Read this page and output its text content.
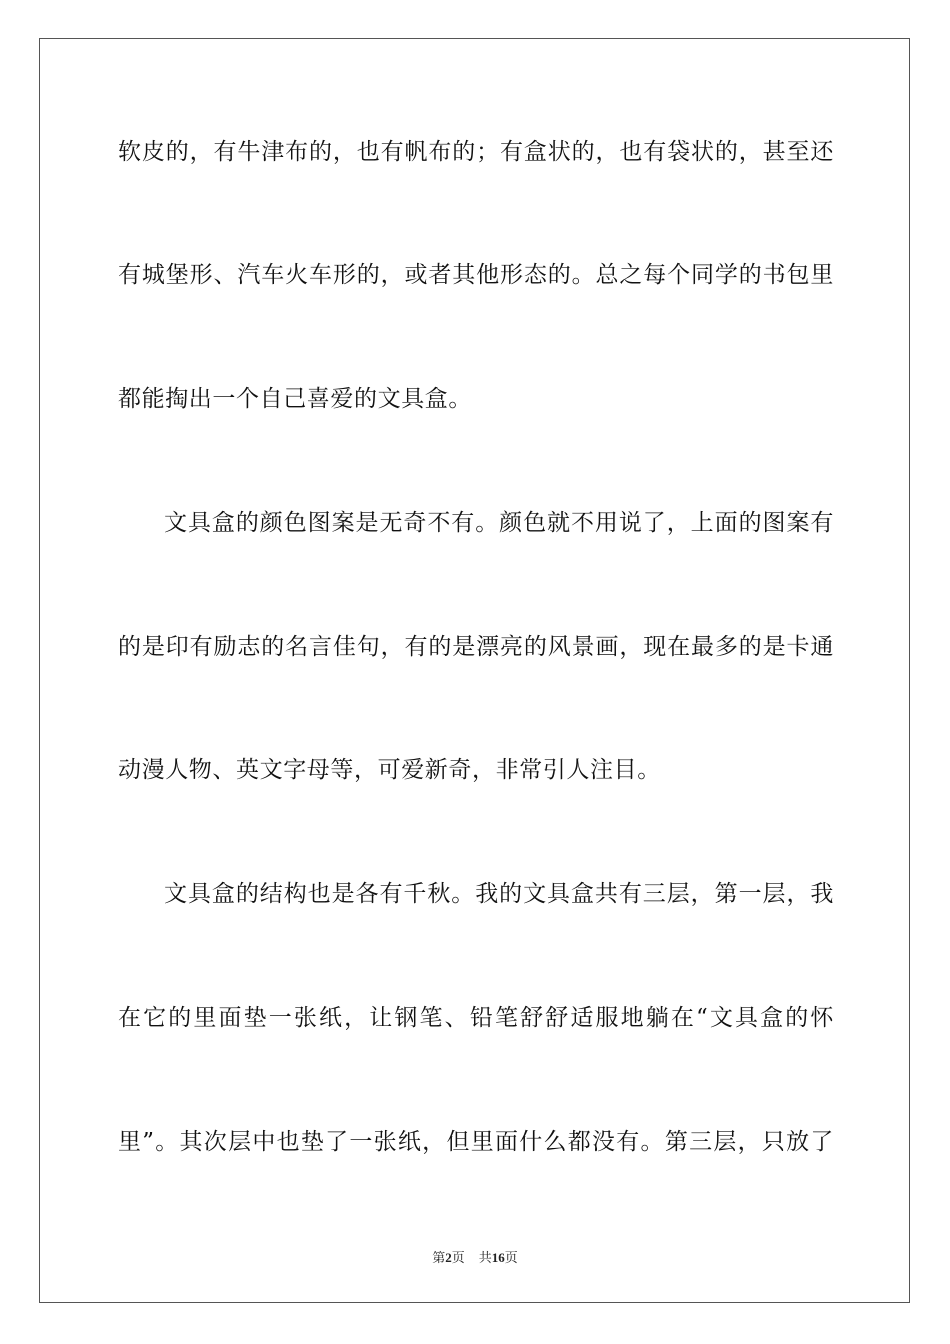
软皮的，有牛津布的，也有帆布的；有盒状的，也有袋状的，甚至还
有城堡形、汽车火车形的，或者其他形态的。总之每个同学的书包里
都能掏出一个自己喜爱的文具盒。
文具盒的颜色图案是无奇不有。颜色就不用说了，上面的图案有
的是印有励志的名言佳句，有的是漂亮的风景画，现在最多的是卡通
动漫人物、英文字母等，可爱新奇，非常引人注目。
文具盒的结构也是各有千秋。我的文具盒共有三层，第一层，我
在它的里面垫一张纸，让钢笔、铅笔舒舒适服地躺在“文具盒的怀
里”。其次层中也垫了一张纸，但里面什么都没有。第三层，只放了
第2页 共16页
